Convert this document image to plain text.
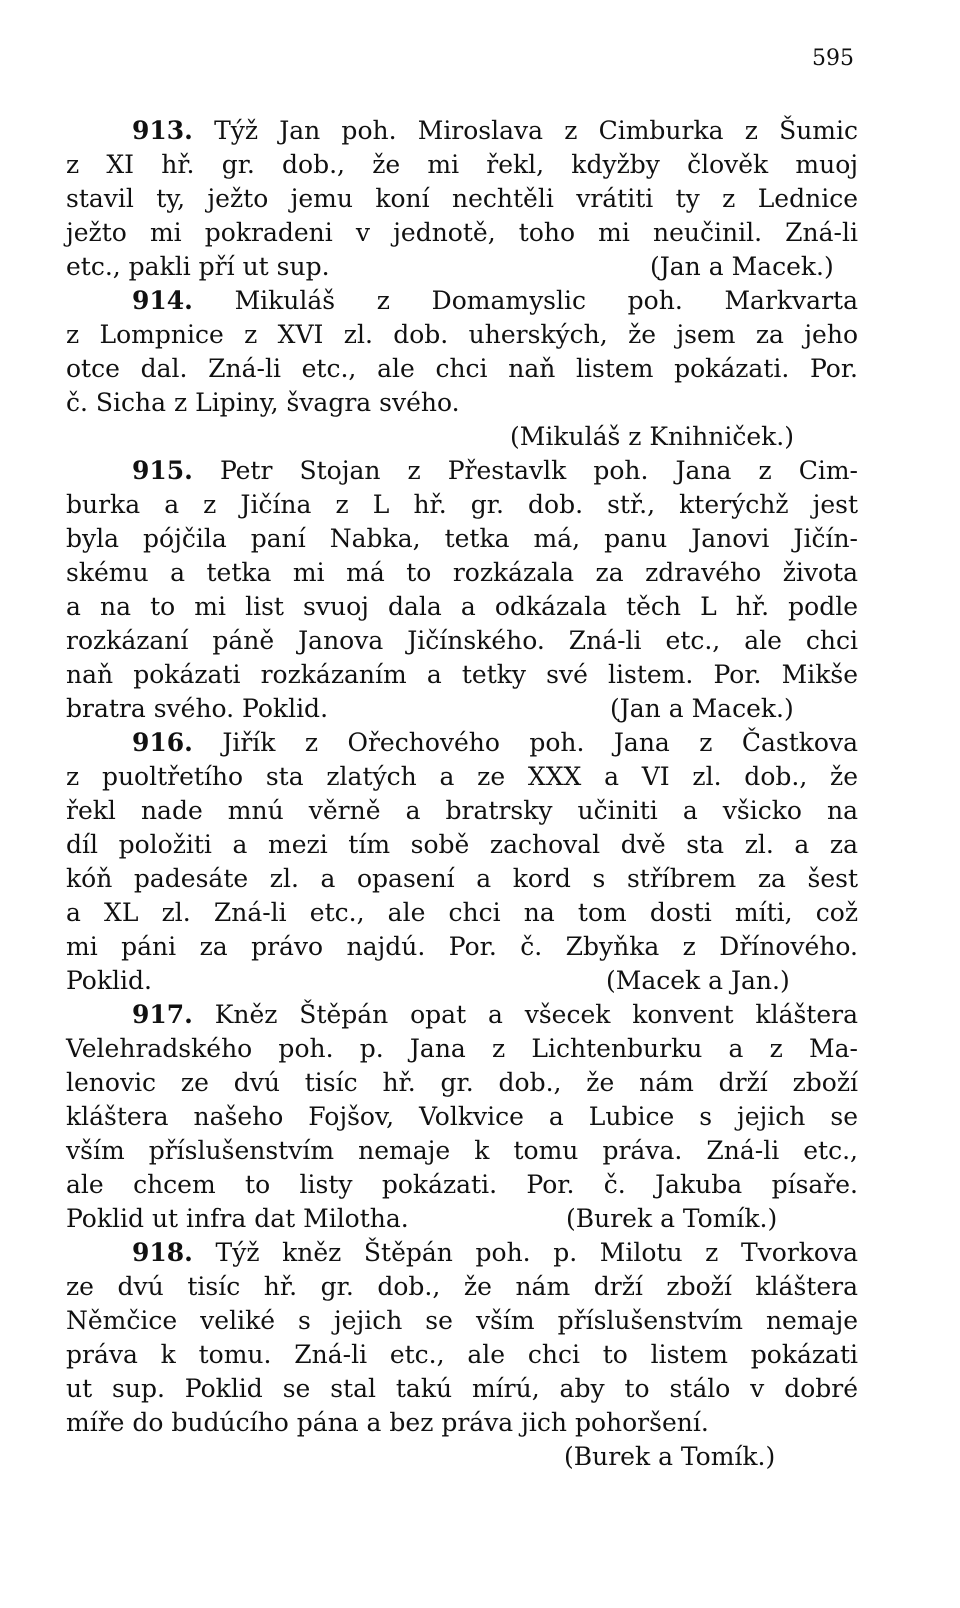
595
913. Týž Jan poh. Miroslava z Cimburka z Šumic
z XI hř. gr. dob., že mi řekl, kdyžby člověk muoj
stavil ty, ježto jemu koní nechtěli vrátiti ty z Lednice
ježto mi pokradeni v jednotě, toho mi neučinil. Zná-li
etc., pakli pří ut sup.	(Jan a Macek.)
914. Mikuláš z Domamyslic poh. Markvarta
z Lompnice z XVI zl. dob. uherských, že jsem za jeho
otce dal. Zná-li etc., ale chci naň listem pokázati. Por.
č. Sicha z Lipiny, švagra svého.
(Mikuláš z Knihniček.)
915. Petr Stojan z Přestavlk poh. Jana z Cim-
burka a z Jičína z L hř. gr. dob. stř., kterýchž jest
byla pójčila paní Nabka, tetka má, panu Janovi Jičín-
skému a tetka mi má to rozkázala za zdravého života
a na to mi list svuoj dala a odkázala těch L hř. podle
rozkázaní páně Janova Jičínského. Zná-li etc., ale chci
naň pokázati rozkázaním a tetky své listem. Por. Mikše
bratra svého. Poklid.	(Jan a Macek.)
916. Jiřík z Ořechového poh. Jana z Častkova
z puoltřetího sta zlatých a ze XXX a VI zl. dob., že
řekl nade mnú věrně a bratrsky učiniti a všicko na
díl položiti a mezi tím sobě zachoval dvě sta zl. a za
kóň padesáte zl. a opasení a kord s stříbrem za šest
a XL zl. Zná-li etc., ale chci na tom dosti míti, což
mi páni za právo najdú. Por. č. Zbyňka z Dřínového.
Poklid.	(Macek a Jan.)
917. Kněz Štěpán opat a všecek konvent kláštera
Velehradského poh. p. Jana z Lichtenburku a z Ma-
lenovic ze dvú tisíc hř. gr. dob., že nám drží zboží
kláštera našeho Fojšov, Volkvice a Lubice s jejich se
vším příslušenstvím nemaje k tomu práva. Zná-li etc.,
ale chcem to listy pokázati. Por. č. Jakuba písaře.
Poklid ut infra dat Milotha.	(Burek a Tomík.)
918. Týž kněz Štěpán poh. p. Milotu z Tvorkova
ze dvú tisíc hř. gr. dob., že nám drží zboží kláštera
Němčice veliké s jejich se vším příslušenstvím nemaje
práva k tomu. Zná-li etc., ale chci to listem pokázati
ut sup. Poklid se stal takú mírú, aby to stálo v dobré
míře do budúcího pána a bez práva jich pohoršení.
(Burek a Tomík.)
